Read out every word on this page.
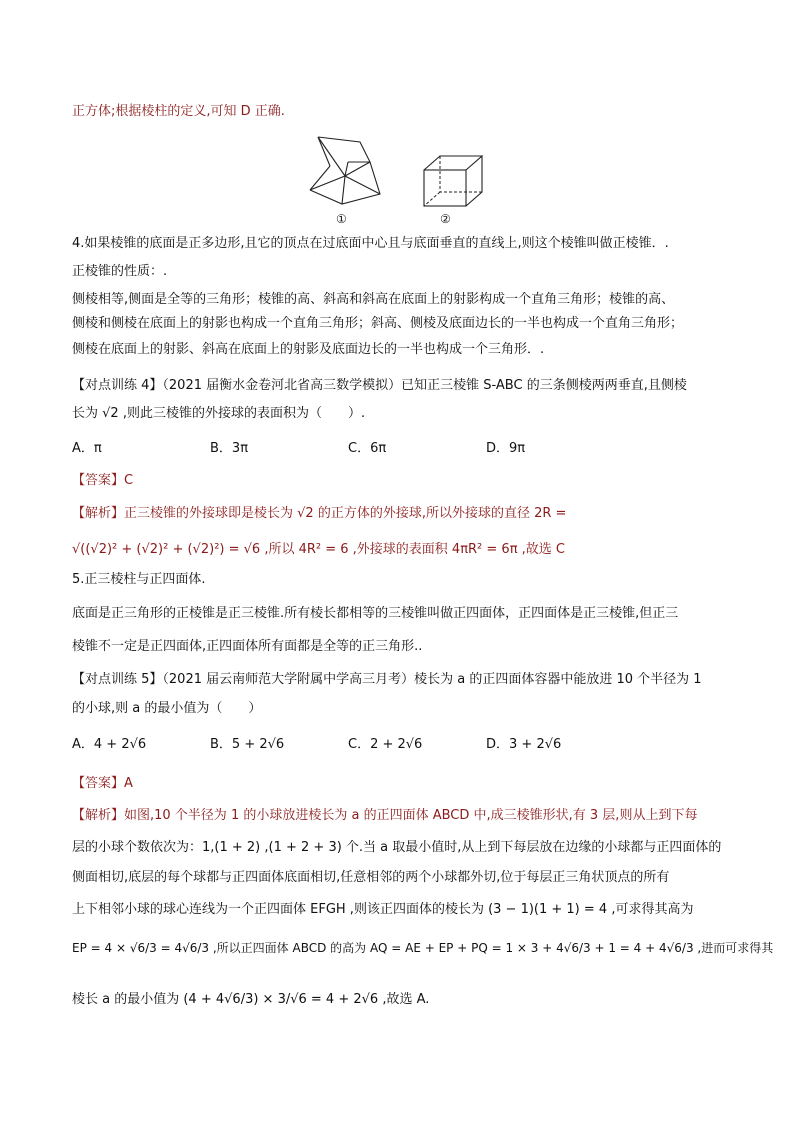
正方体;根据棱柱的定义,可知 D 正确.
①	②
4.如果棱锥的底面是正多边形,且它的顶点在过底面中心且与底面垂直的直线上,则这个棱锥叫做正棱锥．.
正棱锥的性质：.
侧棱相等,侧面是全等的三角形；棱锥的高、斜高和斜高在底面上的射影构成一个直角三角形；棱锥的高、
侧棱和侧棱在底面上的射影也构成一个直角三角形；斜高、侧棱及底面边长的一半也构成一个直角三角形；
侧棱在底面上的射影、斜高在底面上的射影及底面边长的一半也构成一个三角形．.
【对点训练 4】（2021 届衡水金卷河北省高三数学模拟）已知正三棱锥 S-ABC 的三条侧棱两两垂直,且侧棱
长为 √2 ,则此三棱锥的外接球的表面积为（　　）.
A．π	B．3π	C．6π	D．9π
【答案】C
【解析】正三棱锥的外接球即是棱长为 √2 的正方体的外接球,所以外接球的直径 2R =
√((√2)² + (√2)² + (√2)²) = √6 ,所以 4R² = 6 ,外接球的表面积 4πR² = 6π ,故选 C
5.正三棱柱与正四面体.
底面是正三角形的正棱锥是正三棱锥.所有棱长都相等的三棱锥叫做正四面体，正四面体是正三棱锥,但正三
棱锥不一定是正四面体,正四面体所有面都是全等的正三角形..
【对点训练 5】（2021 届云南师范大学附属中学高三月考）棱长为 a 的正四面体容器中能放进 10 个半径为 1
的小球,则 a 的最小值为（　　）
A．4 + 2√6	B．5 + 2√6	C．2 + 2√6	D．3 + 2√6
【答案】A
【解析】如图,10 个半径为 1 的小球放进棱长为 a 的正四面体 ABCD 中,成三棱锥形状,有 3 层,则从上到下每
层的小球个数依次为：1,(1 + 2) ,(1 + 2 + 3) 个.当 a 取最小值时,从上到下每层放在边缘的小球都与正四面体的
侧面相切,底层的每个球都与正四面体底面相切,任意相邻的两个小球都外切,位于每层正三角状顶点的所有
上下相邻小球的球心连线为一个正四面体 EFGH ,则该正四面体的棱长为 (3 − 1)(1 + 1) = 4 ,可求得其高为
EP = 4 × √6/3 = 4√6/3 ,所以正四面体 ABCD 的高为 AQ = AE + EP + PQ = 1 × 3 + 4√6/3 + 1 = 4 + 4√6/3 ,进而可求得其
棱长 a 的最小值为 (4 + 4√6/3) × 3/√6 = 4 + 2√6 ,故选 A.
